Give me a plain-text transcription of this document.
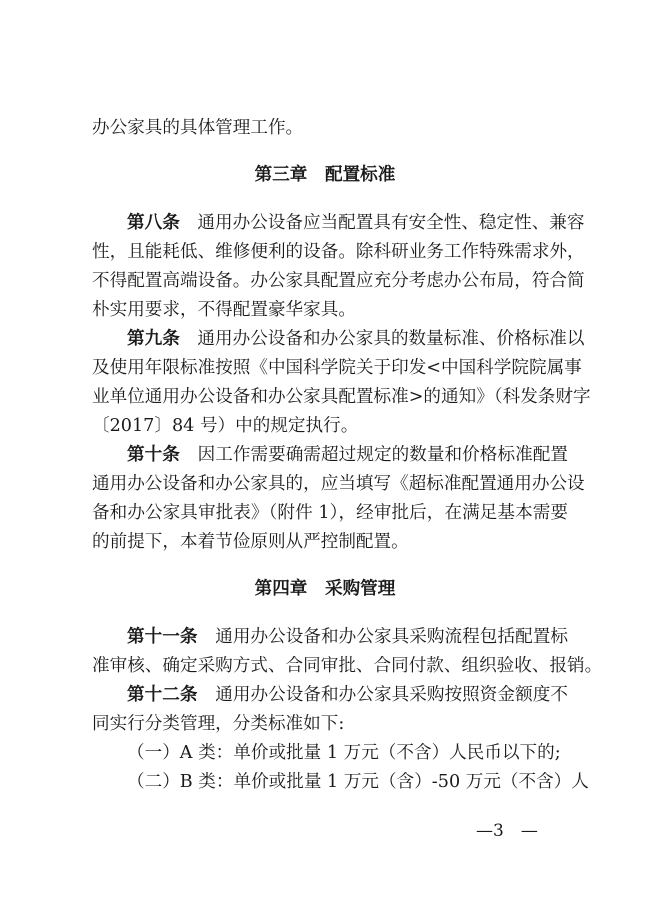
办公家具的具体管理工作。
第三章　配置标准
第八条　 通用办公设备应当配置具有安全性、稳定性、兼容
性，且能耗低、维修便利的设备。除科研业务工作特殊需求外，
不得配置高端设备。办公家具配置应充分考虑办公布局，符合简
朴实用要求，不得配置豪华家具。
第九条　 通用办公设备和办公家具的数量标准、价格标准以
及使用年限标准按照《中国科学院关于印发<中国科学院院属事
业单位通用办公设备和办公家具配置标准>的通知》（科发条财字
〔2017〕84 号）中的规定执行。
第十条　 因工作需要确需超过规定的数量和价格标准配置
通用办公设备和办公家具的，应当填写《超标准配置通用办公设
备和办公家具审批表》（附件 1），经审批后，在满足基本需要
的前提下，本着节俭原则从严控制配置。
第四章　采购管理
第十一条　 通用办公设备和办公家具采购流程包括配置标
准审核、确定采购方式、合同审批、合同付款、组织验收、报销。
第十二条　 通用办公设备和办公家具采购按照资金额度不
同实行分类管理，分类标准如下:
（一）A 类：单价或批量 1 万元（不含）人民币以下的;
（二）B 类：单价或批量 1 万元（含）-50 万元（不含）人
—3　—
